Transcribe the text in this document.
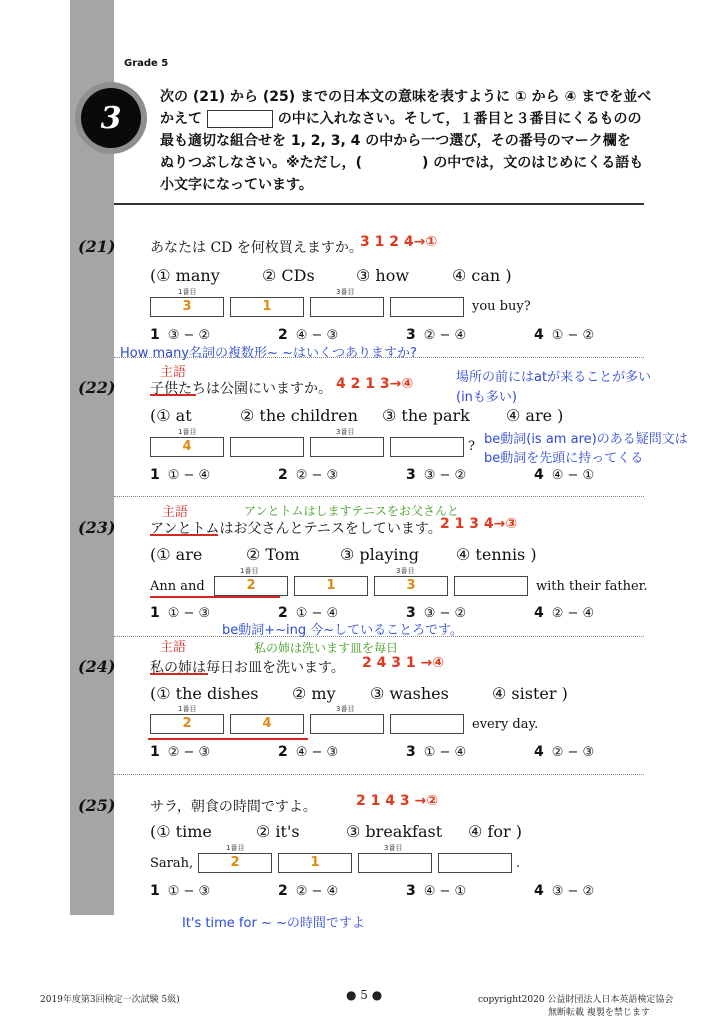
Grade 5
3
次の (21) から (25) までの日本文の意味を表すように ① から ④ までを並べ
かえて	の中に入れなさい。そして，１番目と３番目にくるものの
最も適切な組合せを 1, 2, 3, 4 の中から一つ選び，その番号のマーク欄を
ぬりつぶしなさい。※ただし，(	) の中では，文のはじめにくる語も
小文字になっています。
(21) あなたは CD を何枚買えますか。
3 1 2 4→①
(① many	② CDs	③ how	④ can )
1番目	3番目
3	1	you buy?
1 ③ − ②	2 ④ − ③	3 ② − ④	4 ① − ②
How many名詞の複数形~ ~はいくつありますか?
主語
(22) 子供たちは公園にいますか。 4 2 1 3→④	場所の前にはatが来ることが多い
(inも多い)
(① at	② the children ③ the park ④ are )
be動詞(is am are)のある疑問文は
be動詞を先頭に持ってくる
1番目	3番目
4	?
1 ① − ④	2 ② − ③	3 ③ − ②	4 ④ − ①
主語	アンとトムはしますテニスをお父さんと
(23) アンとトムはお父さんとテニスをしています。
2 1 3 4→③
(① are	② Tom	③ playing ④ tennis )
Ann and
1番目	3番目
2	1	3	with their father.
1 ① − ③	2 ① − ④	3 ③ − ②	4 ② − ④
be動詞+~ing 今~していることろです。
主語	私の姉は洗います皿を毎日
(24) 私の姉は毎日お皿を洗います。 2 4 3 1 →④
(① the dishes ② my ③ washes	④ sister )
1番目	3番目
2	4	every day.
1 ② − ③	2 ④ − ③	3 ① − ④	4 ② − ③
(25) サラ，朝食の時間ですよ。	2 1 4 3 →②
(① time	② it's	③ breakfast ④ for )
Sarah,
1番目	3番目
2	1	.
1 ① − ③	2 ② − ④	3 ④ − ①	4 ③ − ②
It's time for ~ ~の時間ですよ
2019年度第3回検定一次試験 5級)	● 5 ●	copyright2020 公益財団法人日本英語検定協会
無断転載 複製を禁じます
